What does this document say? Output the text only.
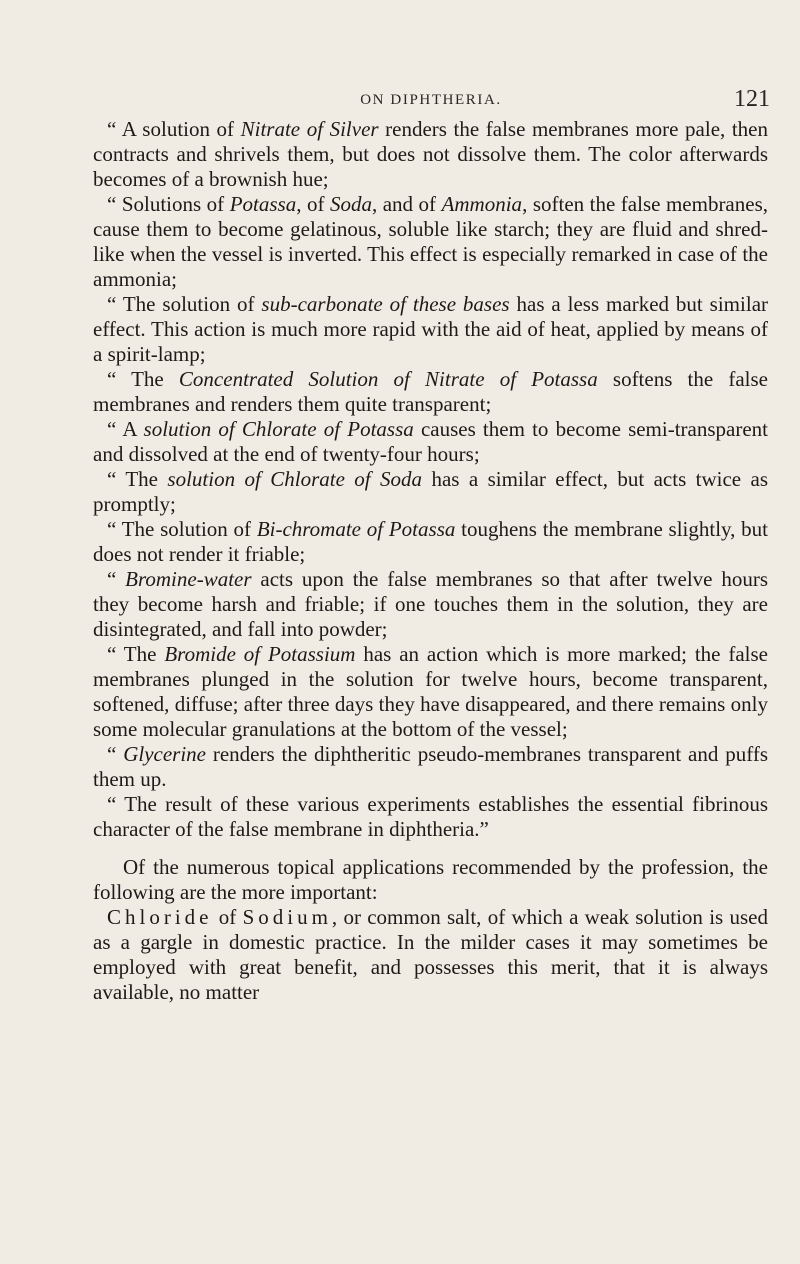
ON DIPHTHERIA.	121

“ A solution of Nitrate of Silver renders the false membranes more pale, then contracts and shrivels them, but does not dissolve them. The color afterwards becomes of a brownish hue;

“ Solutions of Potassa, of Soda, and of Ammonia, soften the false membranes, cause them to become gelatinous, soluble like starch; they are fluid and shred-like when the vessel is inverted. This effect is especially remarked in case of the ammonia;

“ The solution of sub-carbonate of these bases has a less marked but similar effect. This action is much more rapid with the aid of heat, applied by means of a spirit-lamp;

“ The Concentrated Solution of Nitrate of Potassa softens the false membranes and renders them quite transparent;

“ A solution of Chlorate of Potassa causes them to become semi-transparent and dissolved at the end of twenty-four hours;

“ The solution of Chlorate of Soda has a similar effect, but acts twice as promptly;

“ The solution of Bi-chromate of Potassa toughens the membrane slightly, but does not render it friable;

“ Bromine-water acts upon the false membranes so that after twelve hours they become harsh and friable; if one touches them in the solution, they are disintegrated, and fall into powder;

“ The Bromide of Potassium has an action which is more marked; the false membranes plunged in the solution for twelve hours, become transparent, softened, diffuse; after three days they have disappeared, and there remains only some molecular granulations at the bottom of the vessel;

“ Glycerine renders the diphtheritic pseudo-membranes transparent and puffs them up.

“ The result of these various experiments establishes the essential fibrinous character of the false membrane in diphtheria.”

Of the numerous topical applications recommended by the profession, the following are the more important:

Chloride of Sodium, or common salt, of which a weak solution is used as a gargle in domestic practice. In the milder cases it may sometimes be employed with great benefit, and possesses this merit, that it is always available, no matter
